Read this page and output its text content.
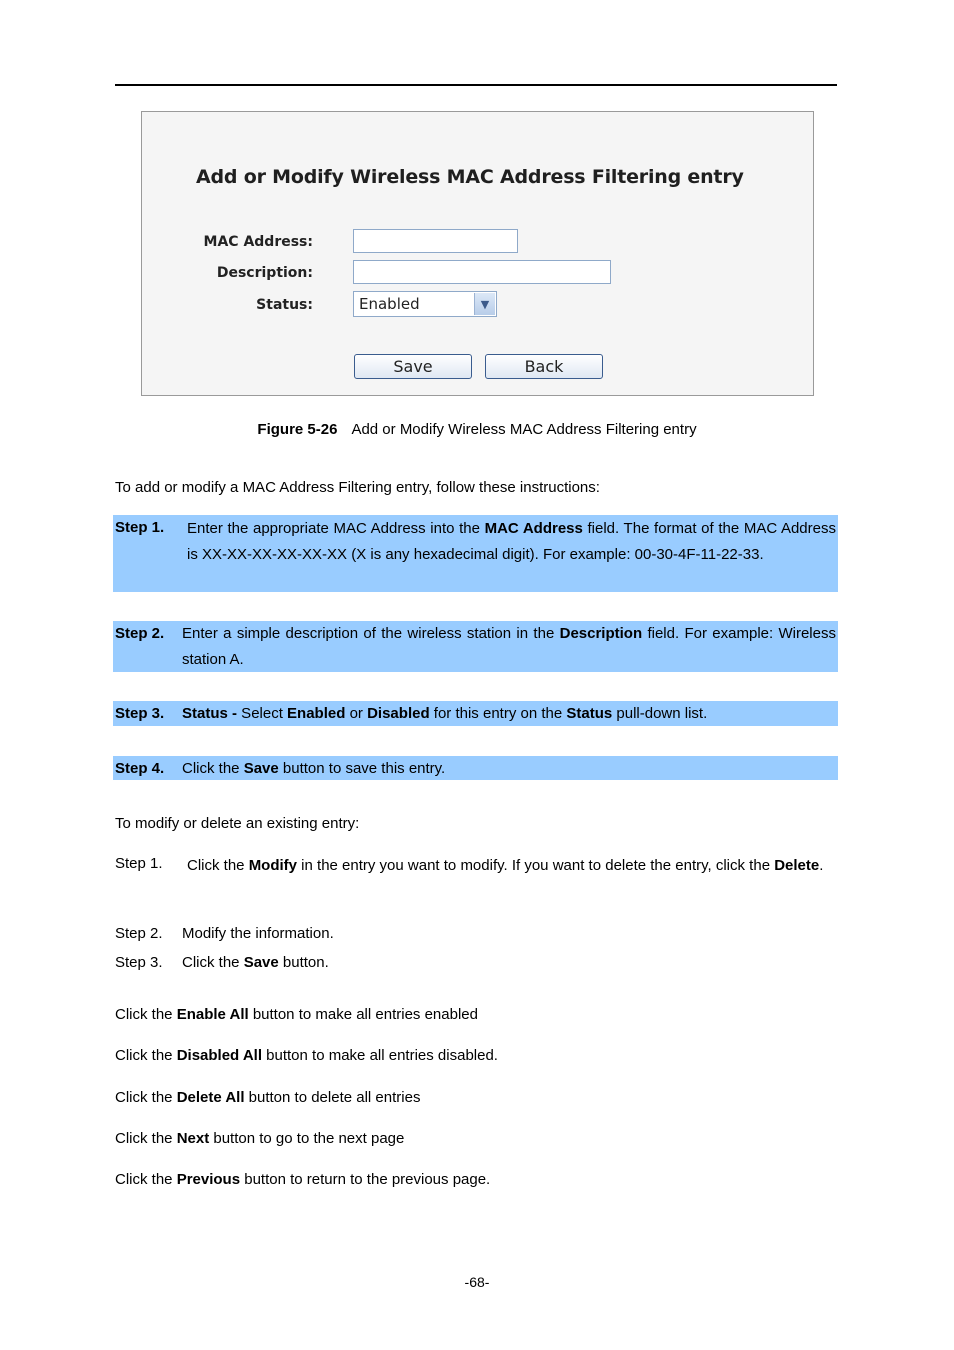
Add or Modify Wireless MAC Address Filtering entry
MAC Address:
Description:
Status:	Enabled	▼
Save	Back
Figure 5-26 Add or Modify Wireless MAC Address Filtering entry
To add or modify a MAC Address Filtering entry, follow these instructions:
Step 1. Enter the appropriate MAC Address into the MAC Address field. The format of the MAC Address is XX-XX-XX-XX-XX-XX (X is any hexadecimal digit). For example: 00-30-4F-11-22-33.
Step 2. Enter a simple description of the wireless station in the Description field. For example: Wireless station A.
Step 3. Status - Select Enabled or Disabled for this entry on the Status pull-down list.
Step 4. Click the Save button to save this entry.
To modify or delete an existing entry:
Step 1. Click the Modify in the entry you want to modify. If you want to delete the entry, click the Delete.
Step 2. Modify the information.
Step 3. Click the Save button.
Click the Enable All button to make all entries enabled
Click the Disabled All button to make all entries disabled.
Click the Delete All button to delete all entries
Click the Next button to go to the next page
Click the Previous button to return to the previous page.
-68-
